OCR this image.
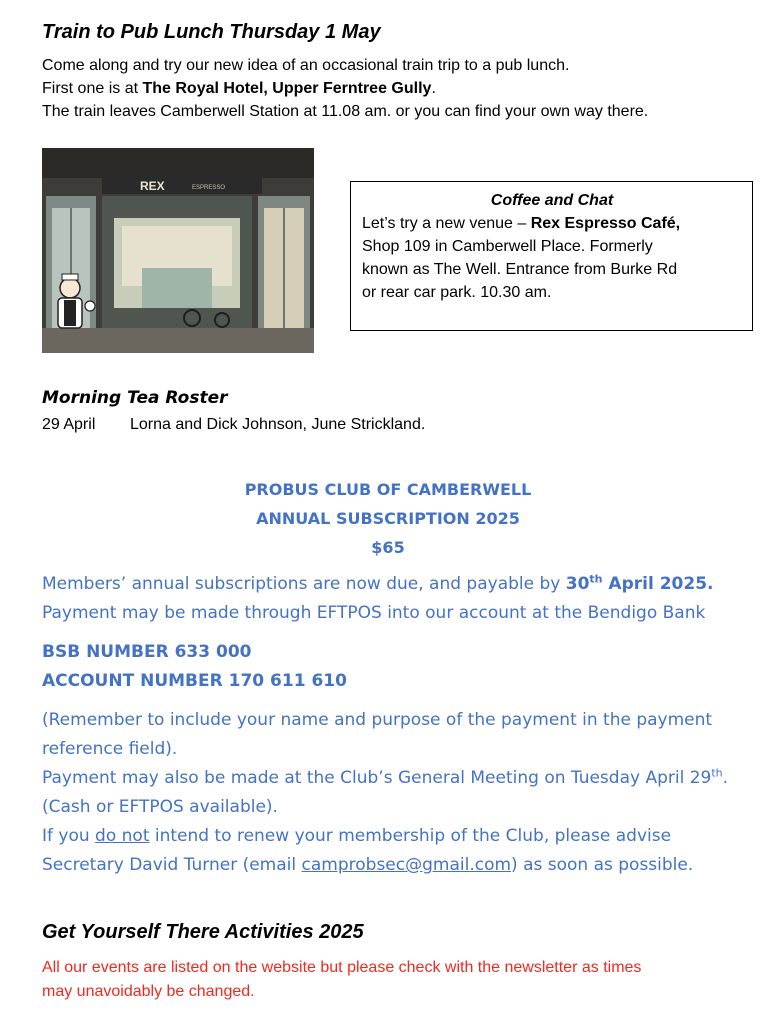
Train to Pub Lunch Thursday 1 May

Come along and try our new idea of an occasional train trip to a pub lunch.

First one is at The Royal Hotel, Upper Ferntree Gully.

The train leaves Camberwell Station at 11.08 am. or you can find your own way there.

REX	ESPRESSO
Coffee and Chat
Let’s try a new venue – Rex Espresso Café,
Shop 109 in Camberwell Place. Formerly
known as The Well. Entrance from Burke Rd
or rear car park. 10.30 am.
Morning Tea Roster
29 April Lorna and Dick Johnson, June Strickland.
PROBUS CLUB OF CAMBERWELL
ANNUAL SUBSCRIPTION 2025
$65
Members’ annual subscriptions are now due, and payable by 30th April 2025.
Payment may be made through EFTPOS into our account at the Bendigo Bank
BSB NUMBER 633 000
ACCOUNT NUMBER 170 611 610
(Remember to include your name and purpose of the payment in the payment
reference field).
Payment may also be made at the Club’s General Meeting on Tuesday April 29th.
(Cash or EFTPOS available).
If you do not intend to renew your membership of the Club, please advise
Secretary David Turner (email camprobsec@gmail.com) as soon as possible.
Get Yourself There Activities 2025
All our events are listed on the website but please check with the newsletter as times
may unavoidably be changed.
